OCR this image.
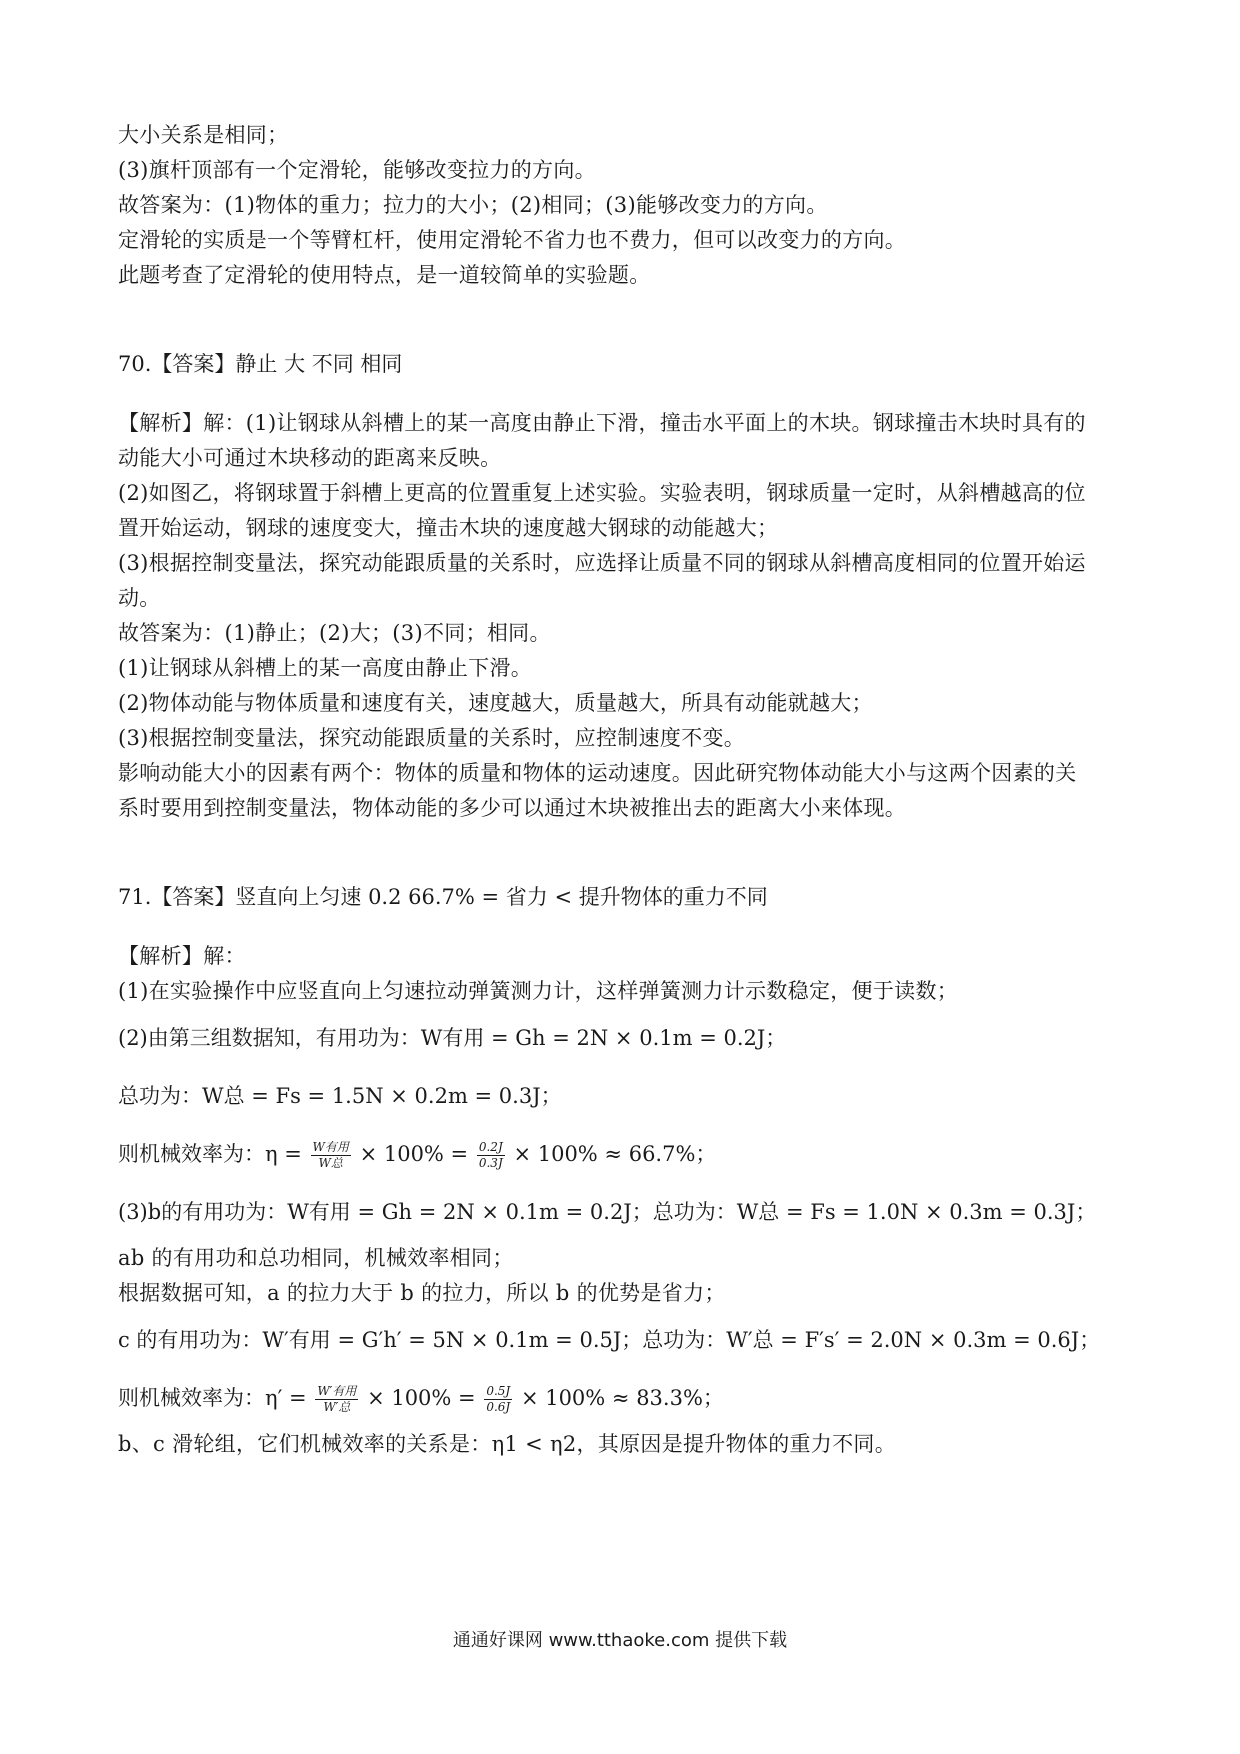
大小关系是相同；
(3)旗杆顶部有一个定滑轮，能够改变拉力的方向。
故答案为：(1)物体的重力；拉力的大小；(2)相同；(3)能够改变力的方向。
定滑轮的实质是一个等臂杠杆，使用定滑轮不省力也不费力，但可以改变力的方向。
此题考查了定滑轮的使用特点，是一道较简单的实验题。
70.【答案】静止 大 不同 相同
【解析】解：(1)让钢球从斜槽上的某一高度由静止下滑，撞击水平面上的木块。钢球撞击木块时具有的
动能大小可通过木块移动的距离来反映。
(2)如图乙，将钢球置于斜槽上更高的位置重复上述实验。实验表明，钢球质量一定时，从斜槽越高的位
置开始运动，钢球的速度变大，撞击木块的速度越大钢球的动能越大；
(3)根据控制变量法，探究动能跟质量的关系时，应选择让质量不同的钢球从斜槽高度相同的位置开始运
动。
故答案为：(1)静止；(2)大；(3)不同；相同。
(1)让钢球从斜槽上的某一高度由静止下滑。
(2)物体动能与物体质量和速度有关，速度越大，质量越大，所具有动能就越大；
(3)根据控制变量法，探究动能跟质量的关系时，应控制速度不变。
影响动能大小的因素有两个：物体的质量和物体的运动速度。因此研究物体动能大小与这两个因素的关
系时要用到控制变量法，物体动能的多少可以通过木块被推出去的距离大小来体现。
71.【答案】竖直向上匀速 0.2 66.7% = 省力 < 提升物体的重力不同
【解析】解：
(1)在实验操作中应竖直向上匀速拉动弹簧测力计，这样弹簧测力计示数稳定，便于读数；
(2)由第三组数据知，有用功为：W有用 = Gh = 2N × 0.1m = 0.2J；
总功为：W总 = Fs = 1.5N × 0.2m = 0.3J；
则机械效率为：$\eta = \frac{\text{W有用}}{\text{W总}} \times 100\% = \frac{0.2J}{0.3J} \times 100\% \approx 66.7\%$；
(3)b的有用功为：W有用 = Gh = 2N × 0.1m = 0.2J；总功为：W总 = Fs = 1.0N × 0.3m = 0.3J；
ab 的有用功和总功相同，机械效率相同；
根据数据可知，a 的拉力大于 b 的拉力，所以 b 的优势是省力；
c 的有用功为：W′有用 = G′h′ = 5N × 0.1m = 0.5J；总功为：W′总 = F′s′ = 2.0N × 0.3m = 0.6J；
则机械效率为：$\eta' = \frac{\text{W′有用}}{\text{W′总}} \times 100\% = \frac{0.5J}{0.6J} \times 100\% \approx 83.3\%$；
b、c 滑轮组，它们机械效率的关系是：η1 < η2，其原因是提升物体的重力不同。
通通好课网 www.tthaoke.com 提供下载
